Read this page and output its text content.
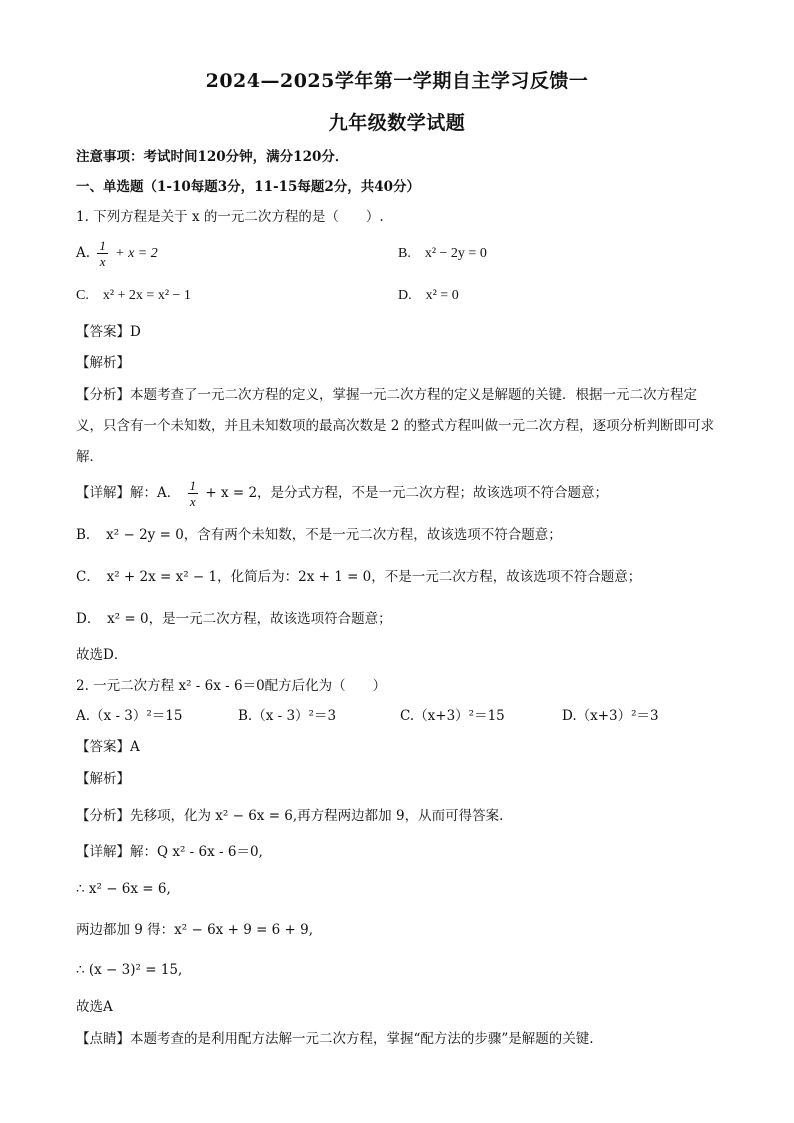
2024—2025学年第一学期自主学习反馈一
九年级数学试题
注意事项：考试时间120分钟，满分120分．
一、单选题（1-10每题3分，11-15每题2分，共40分）
1. 下列方程是关于 x 的一元二次方程的是（　　）.
A. $\frac{1}{x} + x = 2$	B.　x² − 2y = 0
C.　x² + 2x = x² − 1	D.　x² = 0
【答案】D
【解析】
【分析】本题考查了一元二次方程的定义，掌握一元二次方程的定义是解题的关键．根据一元二次方程定义，只含有一个未知数，并且未知数项的最高次数是 2 的整式方程叫做一元二次方程，逐项分析判断即可求解．
【详解】解：A． $\frac{1}{x} + x = 2$，是分式方程，不是一元二次方程；故该选项不符合题意；
B．　x² − 2y = 0，含有两个未知数，不是一元二次方程，故该选项不符合题意；
C．　x² + 2x = x² − 1，化简后为：2x + 1 = 0，不是一元二次方程，故该选项不符合题意；
D．　x² = 0，是一元二次方程，故该选项符合题意；
故选D．
2. 一元二次方程 x² - 6x - 6＝0配方后化为（　　）
A.（x - 3）²＝15	B.（x - 3）²＝3	C.（x+3）²＝15	D.（x+3）²＝3
【答案】A
【解析】
【分析】先移项，化为 x² − 6x = 6,再方程两边都加 9，从而可得答案.
【详解】解：Q x² - 6x - 6＝0,
∴ x² − 6x = 6,
两边都加 9 得：x² − 6x + 9 = 6 + 9,
∴ (x − 3)² = 15,
故选A
【点睛】本题考查的是利用配方法解一元二次方程，掌握“配方法的步骤”是解题的关键.
